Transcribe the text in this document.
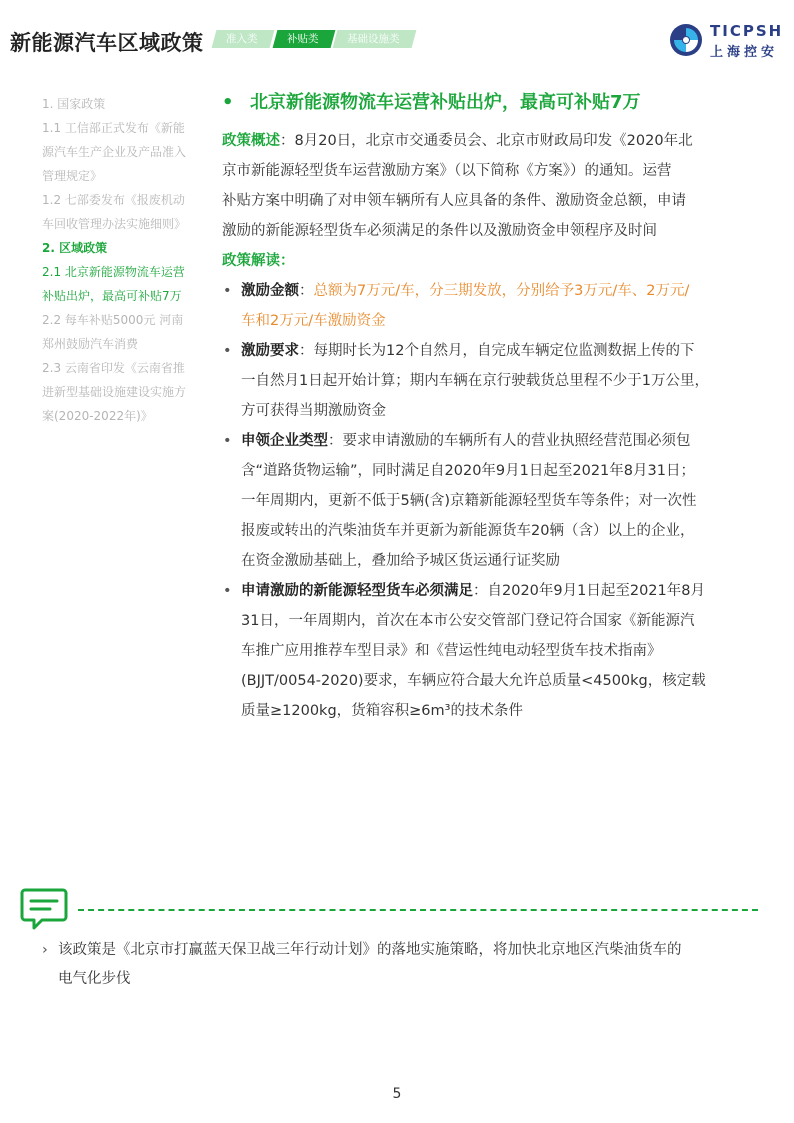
新能源汽车区域政策	准入类	补贴类	基础设施类	TICPSH
上海控安
1. 国家政策
1.1 工信部正式发布《新能
源汽车生产企业及产品准入
管理规定》
1.2 七部委发布《报废机动
车回收管理办法实施细则》
2. 区域政策
2.1 北京新能源物流车运营
补贴出炉，最高可补贴7万
2.2 每车补贴5000元 河南
郑州鼓励汽车消费
2.3 云南省印发《云南省推
进新型基础设施建设实施方
案(2020-2022年)》
• 北京新能源物流车运营补贴出炉，最高可补贴7万
政策概述：8月20日，北京市交通委员会、北京市财政局印发《2020年北
京市新能源轻型货车运营激励方案》（以下简称《方案》）的通知。运营
补贴方案中明确了对申领车辆所有人应具备的条件、激励资金总额，申请
激励的新能源轻型货车必须满足的条件以及激励资金申领程序及时间
政策解读：
• 激励金额：总额为7万元/车，分三期发放，分别给予3万元/车、2万元/
车和2万元/车激励资金
• 激励要求：每期时长为12个自然月，自完成车辆定位监测数据上传的下
一自然月1日起开始计算；期内车辆在京行驶载货总里程不少于1万公里，
方可获得当期激励资金
• 申领企业类型：要求申请激励的车辆所有人的营业执照经营范围必须包
含“道路货物运输”，同时满足自2020年9月1日起至2021年8月31日；
一年周期内，更新不低于5辆(含)京籍新能源轻型货车等条件；对一次性
报废或转出的汽柴油货车并更新为新能源货车20辆（含）以上的企业，
在资金激励基础上，叠加给予城区货运通行证奖励
• 申请激励的新能源轻型货车必须满足：自2020年9月1日起至2021年8月
31日，一年周期内，首次在本市公安交管部门登记符合国家《新能源汽
车推广应用推荐车型目录》和《营运性纯电动轻型货车技术指南》
(BJJT/0054-2020)要求，车辆应符合最大允许总质量<4500kg，核定载
质量≥1200kg，货箱容积≥6m³的技术条件
› 该政策是《北京市打赢蓝天保卫战三年行动计划》的落地实施策略，将加快北京地区汽柴油货车的
电气化步伐
5
